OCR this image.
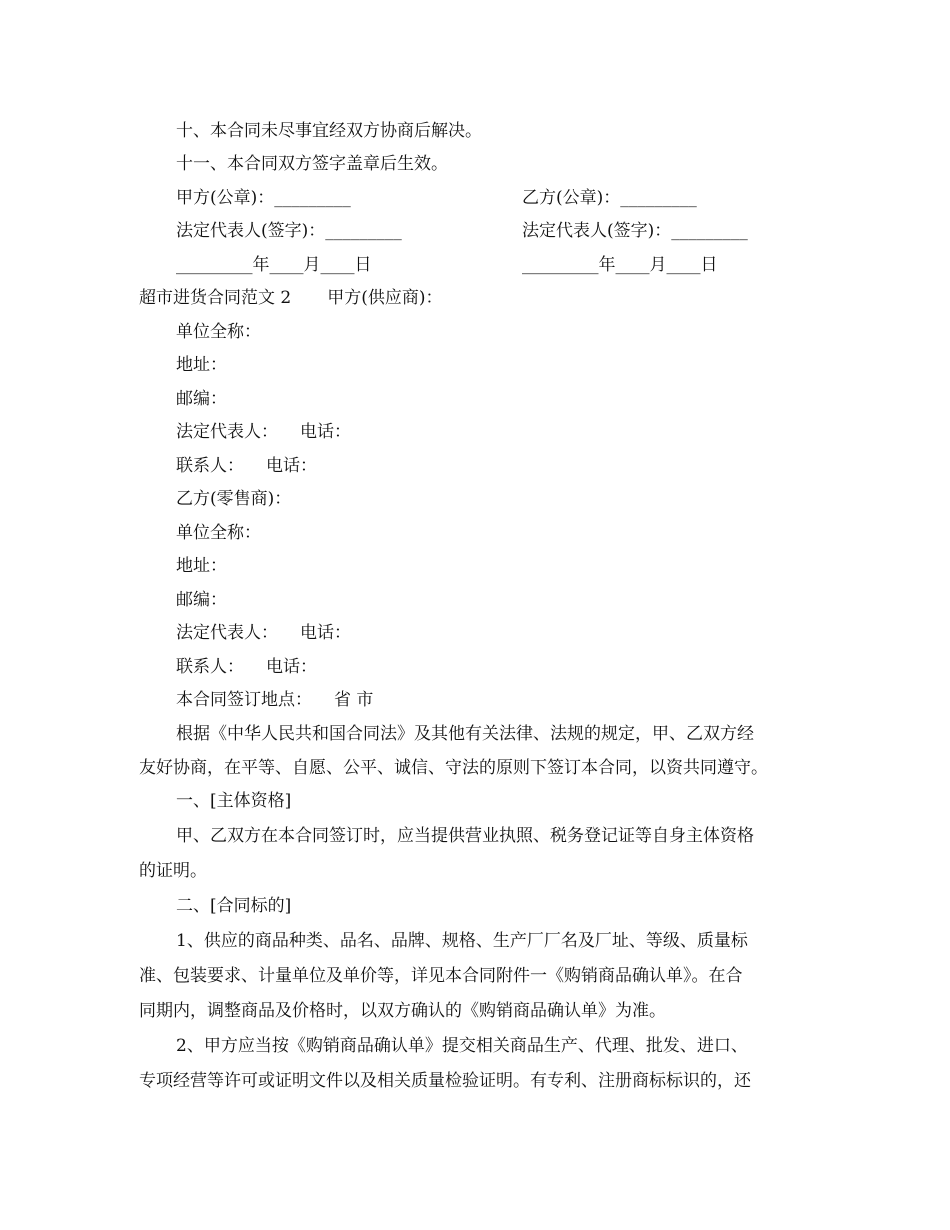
十、本合同未尽事宜经双方协商后解决。
十一、本合同双方签字盖章后生效。
甲方(公章)：_________	乙方(公章)：_________
法定代表人(签字)：_________	法定代表人(签字)：_________
_________年____月____日	_________年____月____日
超市进货合同范文 2 甲方(供应商)：
单位全称：
地址：
邮编：
法定代表人： 电话：
联系人： 电话：
乙方(零售商)：
单位全称：
地址：
邮编：
法定代表人： 电话：
联系人： 电话：
本合同签订地点： 省 市
根据《中华人民共和国合同法》及其他有关法律、法规的规定，甲、乙双方经
友好协商，在平等、自愿、公平、诚信、守法的原则下签订本合同，以资共同遵守。
一、[主体资格]
甲、乙双方在本合同签订时，应当提供营业执照、税务登记证等自身主体资格
的证明。
二、[合同标的]
1、供应的商品种类、品名、品牌、规格、生产厂厂名及厂址、等级、质量标
准、包装要求、计量单位及单价等，详见本合同附件一《购销商品确认单》。在合
同期内，调整商品及价格时，以双方确认的《购销商品确认单》为准。
2、甲方应当按《购销商品确认单》提交相关商品生产、代理、批发、进口、
专项经营等许可或证明文件以及相关质量检验证明。有专利、注册商标标识的，还
